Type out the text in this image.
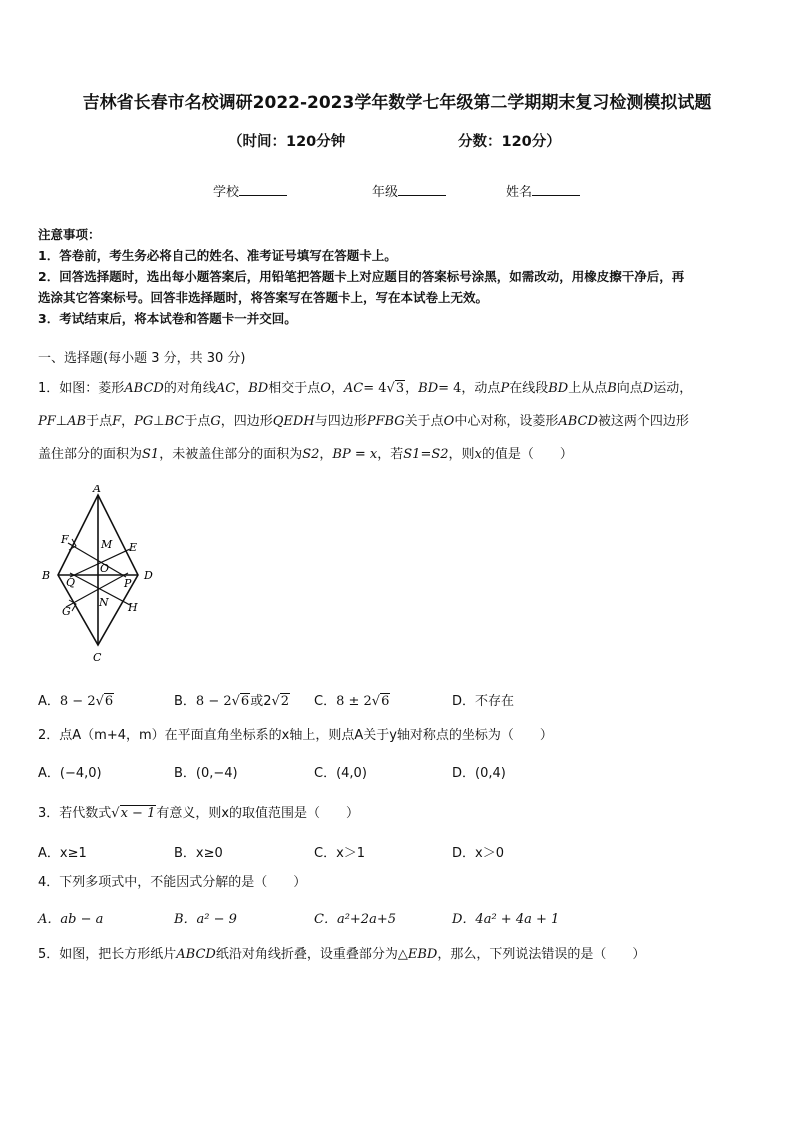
吉林省长春市名校调研2022-2023学年数学七年级第二学期期末复习检测模拟试题
（时间：120分钟	分数：120分）
学校	年级	姓名
注意事项：
1．答卷前，考生务必将自己的姓名、准考证号填写在答题卡上。
2．回答选择题时，选出每小题答案后，用铅笔把答题卡上对应题目的答案标号涂黑，如需改动，用橡皮擦干净后，再
选涂其它答案标号。回答非选择题时，将答案写在答题卡上，写在本试卷上无效。
3．考试结束后，将本试卷和答题卡一并交回。
一、选择题(每小题 3 分，共 30 分)
1．如图：菱形ABCD的对角线AC，BD相交于点O，AC= 4√3，BD= 4，动点P在线段BD上从点B向点D运动，
PF⊥AB于点F，PG⊥BC于点G，四边形QEDH与四边形PFBG关于点O中心对称，设菱形ABCD被这两个四边形
盖住部分的面积为S1，未被盖住部分的面积为S2，BP = x，若S1=S2，则x的值是（　　）
A
B
C
D
E
F
G	H
M
N
O
P
Q
A．8 − 2√6	B．8 − 2√6或2√2 C．8 ± 2√6	D．不存在
2．点A（m+4，m）在平面直角坐标系的x轴上，则点A关于y轴对称点的坐标为（　　）
A．(−4,0)	B．(0,−4)	C．(4,0)	D．(0,4)
3．若代数式√x − 1有意义，则x的取值范围是（　　）
A．x≥1	B．x≥0	C．x＞1	D．x＞0
4．下列多项式中，不能因式分解的是（　　）
A．ab − a	B．a² − 9	C．a²+2a+5	D．4a² + 4a + 1
5．如图，把长方形纸片ABCD纸沿对角线折叠，设重叠部分为△EBD，那么，下列说法错误的是（　　）
